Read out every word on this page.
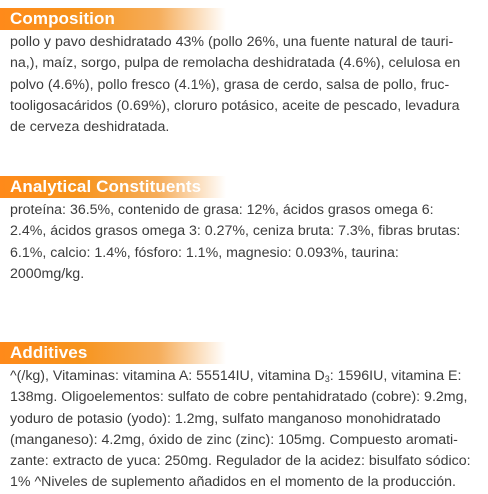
Composition

pollo y pavo deshidratado 43% (pollo 26%, una fuente natural de tauri-

na,), maíz, sorgo, pulpa de remolacha deshidratada (4.6%), celulosa en

polvo (4.6%), pollo fresco (4.1%), grasa de cerdo, salsa de pollo, fruc-

tooligosacáridos (0.69%), cloruro potásico, aceite de pescado, levadura

de cerveza deshidratada.

Analytical Constituents

proteína: 36.5%, contenido de grasa: 12%, ácidos grasos omega 6:

2.4%, ácidos grasos omega 3: 0.27%, ceniza bruta: 7.3%, fibras brutas:

6.1%, calcio: 1.4%, fósforo: 1.1%, magnesio: 0.093%, taurina:

2000mg/kg.

Additives

^(/kg), Vitaminas: vitamina A: 55514IU, vitamina $D_3$: 1596IU, vitamina E:

138mg. Oligoelementos: sulfato de cobre pentahidratado (cobre): 9.2mg,

yoduro de potasio (yodo): 1.2mg, sulfato manganoso monohidratado

(manganeso): 4.2mg, óxido de zinc (zinc): 105mg. Compuesto aromati-

zante: extracto de yuca: 250mg. Regulador de la acidez: bisulfato sódico:

1% ^Niveles de suplemento añadidos en el momento de la producción.
